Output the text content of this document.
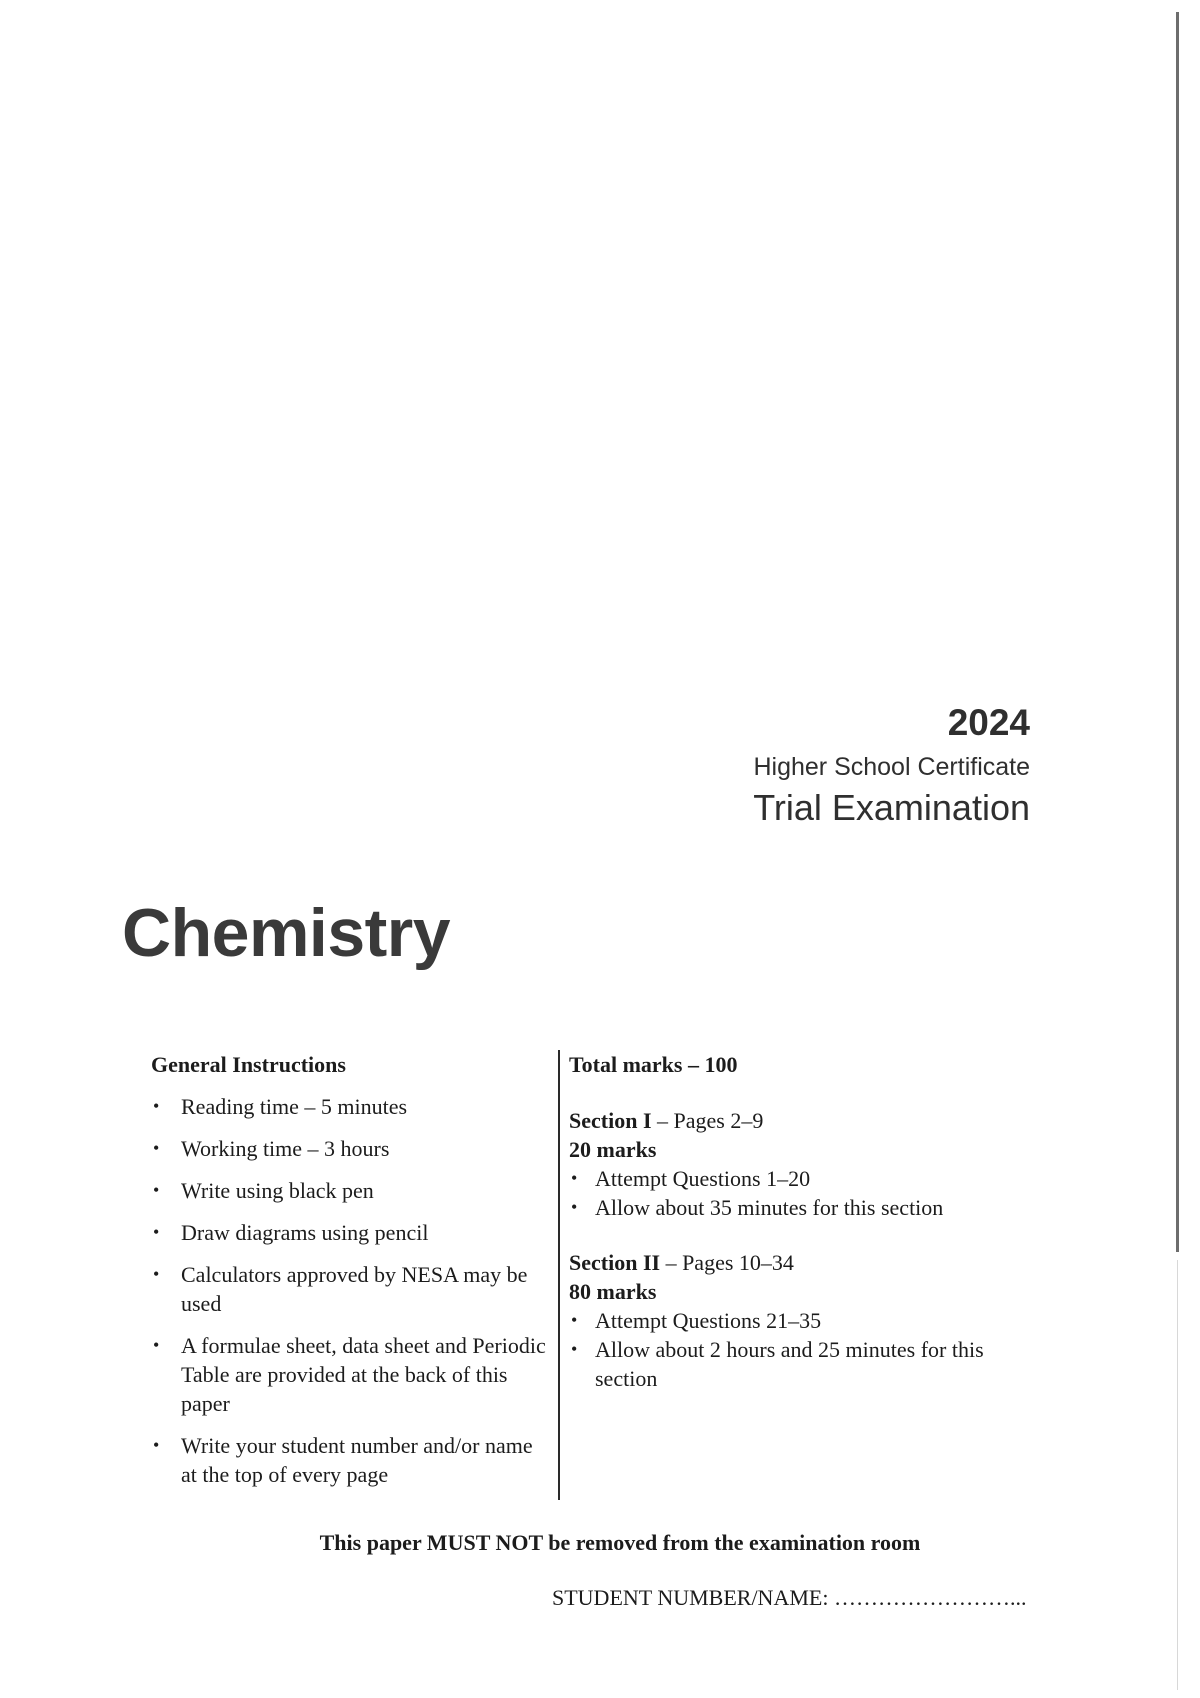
2024
Higher School Certificate
Trial Examination
Chemistry
General Instructions
• Reading time – 5 minutes
• Working time – 3 hours
• Write using black pen
• Draw diagrams using pencil
• Calculators approved by NESA may be used
• A formulae sheet, data sheet and Periodic Table are provided at the back of this paper
• Write your student number and/or name at the top of every page
Total marks – 100
Section I – Pages 2–9
20 marks
• Attempt Questions 1–20
• Allow about 35 minutes for this section
Section II – Pages 10–34
80 marks
• Attempt Questions 21–35
• Allow about 2 hours and 25 minutes for this section
This paper MUST NOT be removed from the examination room
STUDENT NUMBER/NAME: ……………………...
